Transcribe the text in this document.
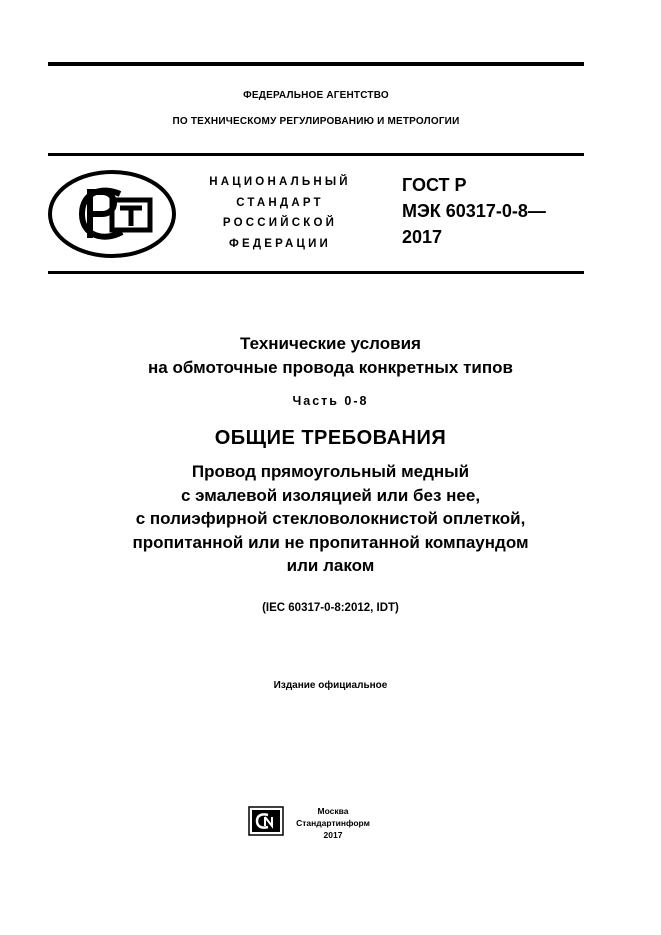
ФЕДЕРАЛЬНОЕ АГЕНТСТВО
ПО ТЕХНИЧЕСКОМУ РЕГУЛИРОВАНИЮ И МЕТРОЛОГИИ
НАЦИОНАЛЬНЫЙ
СТАНДАРТ
РОССИЙСКОЙ
ФЕДЕРАЦИИ
ГОСТ Р
МЭК 60317-0-8—
2017
Технические условия
на обмоточные провода конкретных типов
Часть 0-8
ОБЩИЕ ТРЕБОВАНИЯ
Провод прямоугольный медный
с эмалевой изоляцией или без нее,
с полиэфирной стекловолокнистой оплеткой,
пропитанной или не пропитанной компаундом
или лаком
(IEC 60317-0-8:2012, IDT)
Издание официальное
Москва
Стандартинформ
2017
